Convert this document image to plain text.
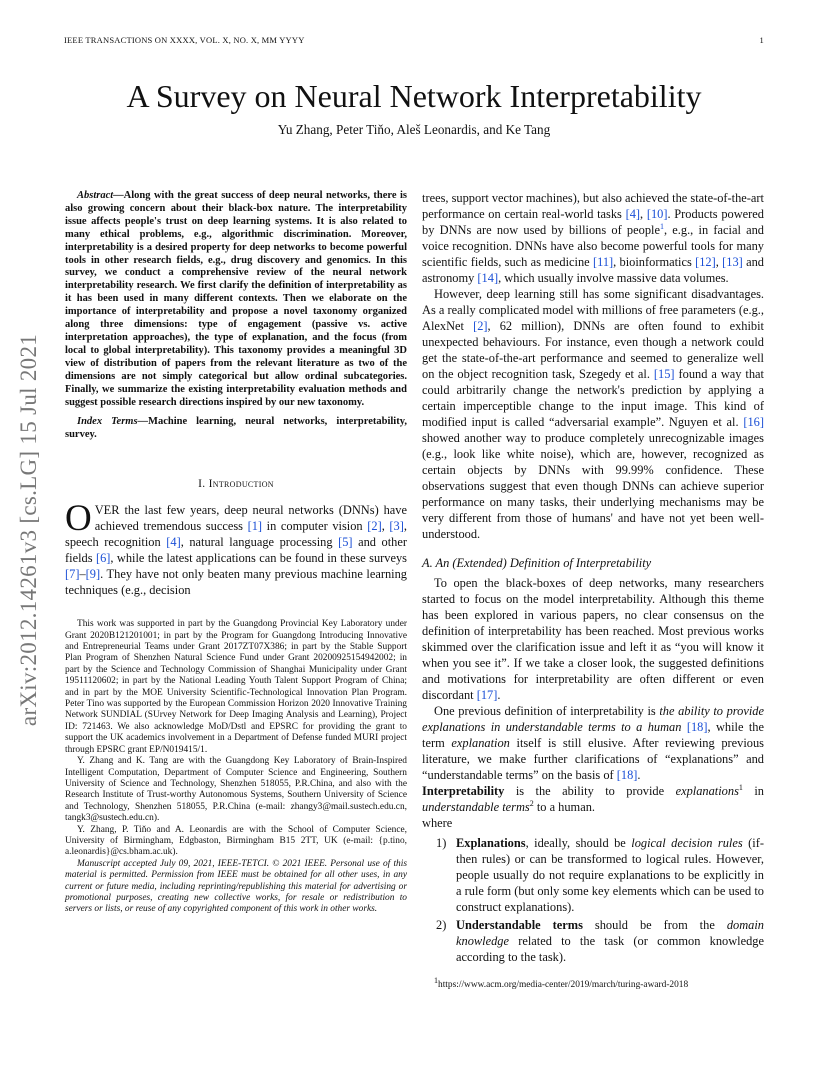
IEEE TRANSACTIONS ON XXXX, VOL. X, NO. X, MM YYYY	1
arXiv:2012.14261v3 [cs.LG] 15 Jul 2021
A Survey on Neural Network Interpretability
Yu Zhang, Peter Tiňo, Aleš Leonardis, and Ke Tang

Abstract—Along with the great success of deep neural networks, there is also growing concern about their black-box nature. The interpretability issue affects people's trust on deep learning systems. It is also related to many ethical problems, e.g., algorithmic discrimination. Moreover, interpretability is a desired property for deep networks to become powerful tools in other research fields, e.g., drug discovery and genomics. In this survey, we conduct a comprehensive review of the neural network interpretability research. We first clarify the definition of interpretability as it has been used in many different contexts. Then we elaborate on the importance of interpretability and propose a novel taxonomy organized along three dimensions: type of engagement (passive vs. active interpretation approaches), the type of explanation, and the focus (from local to global interpretability). This taxonomy provides a meaningful 3D view of distribution of papers from the relevant literature as two of the dimensions are not simply categorical but allow ordinal subcategories. Finally, we summarize the existing interpretability evaluation methods and suggest possible research directions inspired by our new taxonomy.

Index Terms—Machine learning, neural networks, interpretability, survey.

I. Introduction

OVER the last few years, deep neural networks (DNNs) have achieved tremendous success [1] in computer vision [2], [3], speech recognition [4], natural language processing [5] and other fields [6], while the latest applications can be found in these surveys [7]–[9]. They have not only beaten many previous machine learning techniques (e.g., decision

This work was supported in part by the Guangdong Provincial Key Laboratory under Grant 2020B121201001; in part by the Program for Guangdong Introducing Innovative and Entrepreneurial Teams under Grant 2017ZT07X386; in part by the Stable Support Plan Program of Shenzhen Natural Science Fund under Grant 20200925154942002; in part by the Science and Technology Commission of Shanghai Municipality under Grant 19511120602; in part by the National Leading Youth Talent Support Program of China; and in part by the MOE University Scientific-Technological Innovation Plan Program. Peter Tino was supported by the European Commission Horizon 2020 Innovative Training Network SUNDIAL (SUrvey Network for Deep Imaging Analysis and Learning), Project ID: 721463. We also acknowledge MoD/Dstl and EPSRC for providing the grant to support the UK academics involvement in a Department of Defense funded MURI project through EPSRC grant EP/N019415/1.

Y. Zhang and K. Tang are with the Guangdong Key Laboratory of Brain-Inspired Intelligent Computation, Department of Computer Science and Engineering, Southern University of Science and Technology, Shenzhen 518055, P.R.China, and also with the Research Institute of Trust-worthy Autonomous Systems, Southern University of Science and Technology, Shenzhen 518055, P.R.China (e-mail: zhangy3@mail.sustech.edu.cn, tangk3@sustech.edu.cn).

Y. Zhang, P. Tiňo and A. Leonardis are with the School of Computer Science, University of Birmingham, Edgbaston, Birmingham B15 2TT, UK (e-mail: {p.tino, a.leonardis}@cs.bham.ac.uk).

Manuscript accepted July 09, 2021, IEEE-TETCI. © 2021 IEEE. Personal use of this material is permitted. Permission from IEEE must be obtained for all other uses, in any current or future media, including reprinting/republishing this material for advertising or promotional purposes, creating new collective works, for resale or redistribution to servers or lists, or reuse of any copyrighted component of this work in other works.

trees, support vector machines), but also achieved the state-of-the-art performance on certain real-world tasks [4], [10]. Products powered by DNNs are now used by billions of people$^1$, e.g., in facial and voice recognition. DNNs have also become powerful tools for many scientific fields, such as medicine [11], bioinformatics [12], [13] and astronomy [14], which usually involve massive data volumes.

However, deep learning still has some significant disadvantages. As a really complicated model with millions of free parameters (e.g., AlexNet [2], 62 million), DNNs are often found to exhibit unexpected behaviours. For instance, even though a network could get the state-of-the-art performance and seemed to generalize well on the object recognition task, Szegedy et al. [15] found a way that could arbitrarily change the network's prediction by applying a certain imperceptible change to the input image. This kind of modified input is called “adversarial example”. Nguyen et al. [16] showed another way to produce completely unrecognizable images (e.g., look like white noise), which are, however, recognized as certain objects by DNNs with 99.99% confidence. These observations suggest that even though DNNs can achieve superior performance on many tasks, their underlying mechanisms may be very different from those of humans' and have not yet been well-understood.

A. An (Extended) Definition of Interpretability

To open the black-boxes of deep networks, many researchers started to focus on the model interpretability. Although this theme has been explored in various papers, no clear consensus on the definition of interpretability has been reached. Most previous works skimmed over the clarification issue and left it as “you will know it when you see it”. If we take a closer look, the suggested definitions and motivations for interpretability are often different or even discordant [17].

One previous definition of interpretability is the ability to provide explanations in understandable terms to a human [18], while the term explanation itself is still elusive. After reviewing previous literature, we make further clarifications of “explanations” and “understandable terms” on the basis of [18].

Interpretability is the ability to provide explanations$^1$ in understandable terms$^2$ to a human.

where
1) Explanations, ideally, should be logical decision rules (if-then rules) or can be transformed to logical rules. However, people usually do not require explanations to be explicitly in a rule form (but only some key elements which can be used to construct explanations).
2) Understandable terms should be from the domain knowledge related to the task (or common knowledge according to the task).
$^1$https://www.acm.org/media-center/2019/march/turing-award-2018
